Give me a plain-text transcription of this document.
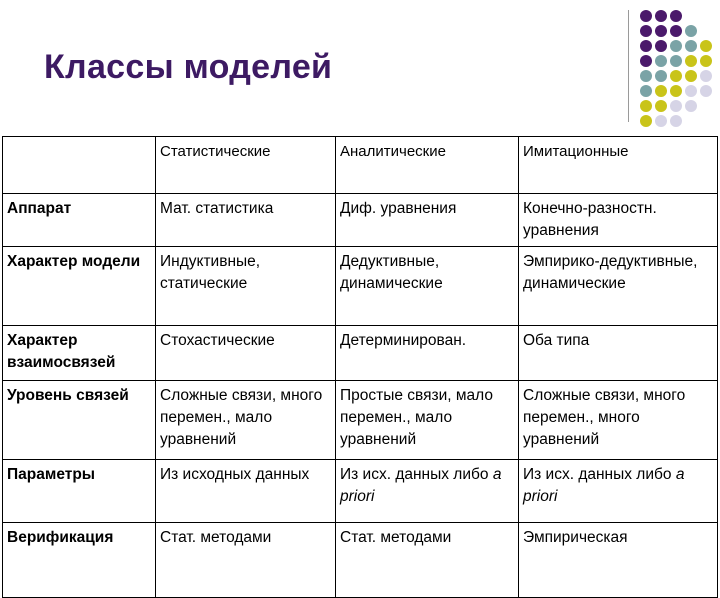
Классы моделей
	Статистические	Аналитические	Имитационные
Аппарат	Мат. статистика	Диф. уравнения	Конечно-разностн. уравнения
Характер модели	Индуктивные, статические	Дедуктивные, динамические	Эмпирико-дедуктивные, динамические
Характер взаимосвязей	Стохастические	Детерминирован.	Оба типа
Уровень связей	Сложные связи, много перемен., мало уравнений	Простые связи, мало перемен., мало уравнений	Сложные связи, много перемен., много уравнений
Параметры	Из исходных данных	Из исх. данных либо a priori	Из исх. данных либо a priori
Верификация	Стат. методами	Стат. методами	Эмпирическая
